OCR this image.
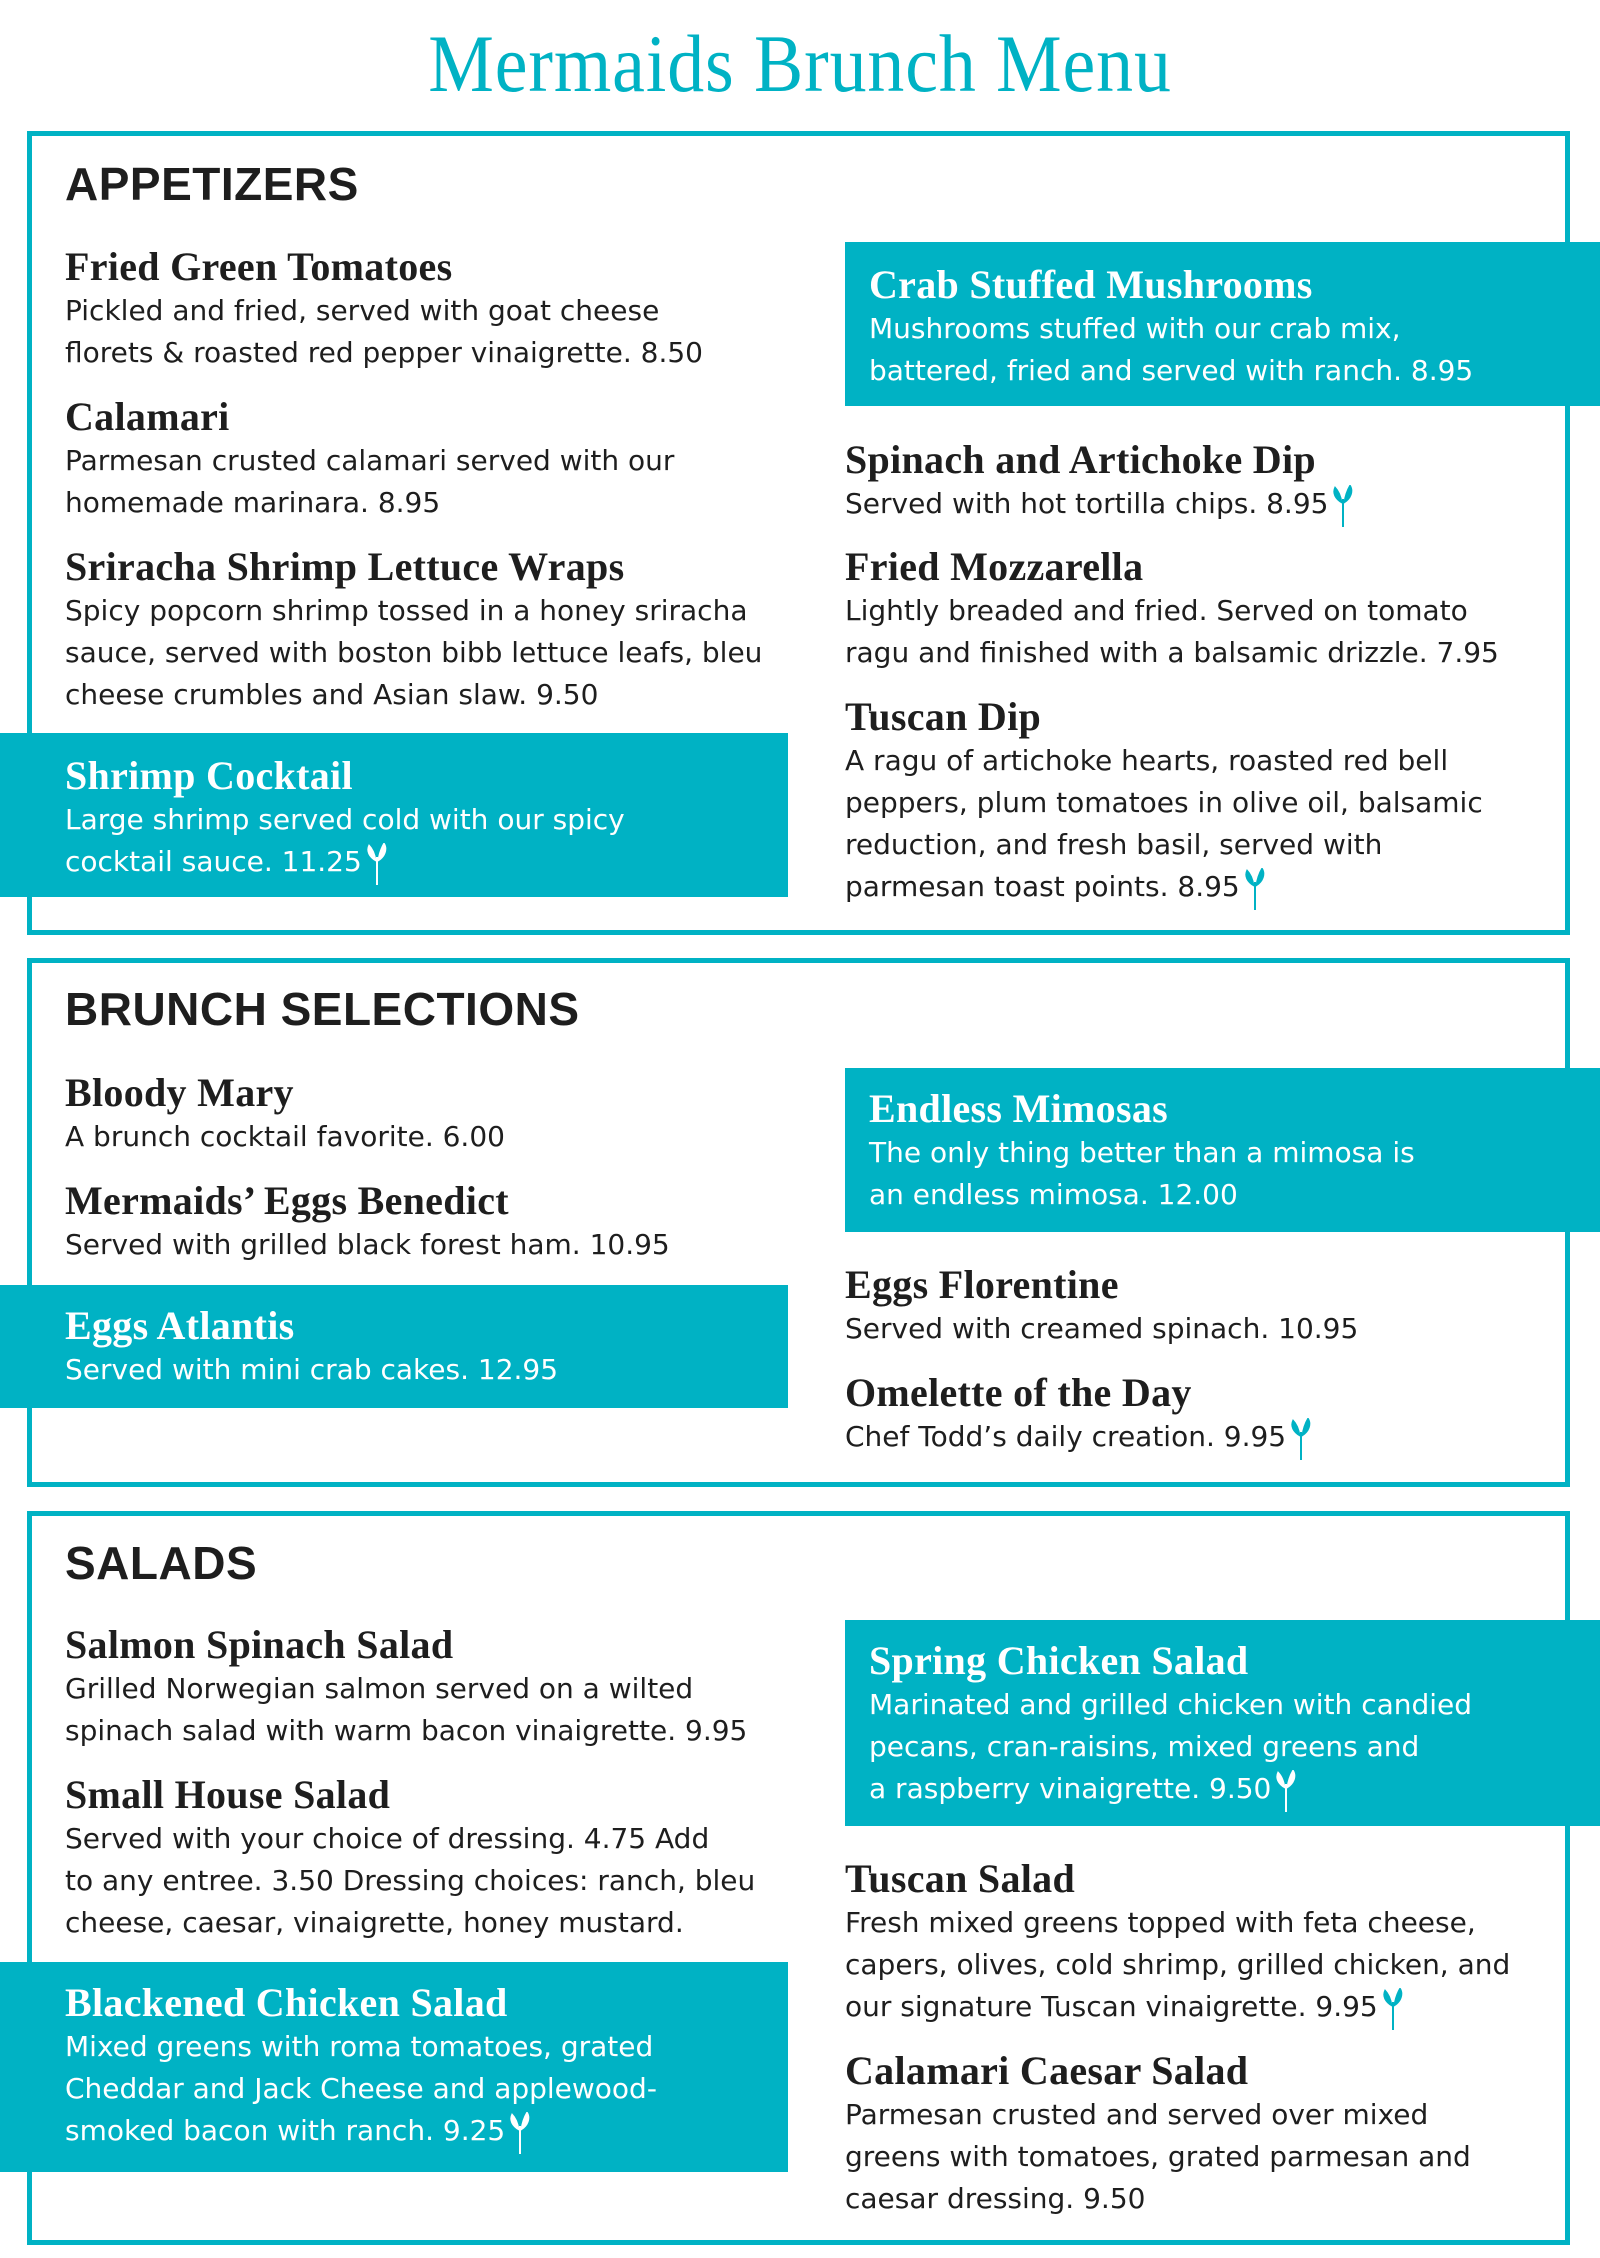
Mermaids Brunch Menu
APPETIZERS
Fried Green Tomatoes
Pickled and fried, served with goat cheese
florets & roasted red pepper vinaigrette. 8.50
Calamari
Parmesan crusted calamari served with our
homemade marinara. 8.95
Sriracha Shrimp Lettuce Wraps
Spicy popcorn shrimp tossed in a honey sriracha
sauce, served with boston bibb lettuce leafs, bleu
cheese crumbles and Asian slaw. 9.50
Shrimp Cocktail
Large shrimp served cold with our spicy
cocktail sauce. 11.25
Crab Stuffed Mushrooms
Mushrooms stuffed with our crab mix,
battered, fried and served with ranch. 8.95
Spinach and Artichoke Dip
Served with hot tortilla chips. 8.95
Fried Mozzarella
Lightly breaded and fried. Served on tomato
ragu and finished with a balsamic drizzle. 7.95
Tuscan Dip
A ragu of artichoke hearts, roasted red bell
peppers, plum tomatoes in olive oil, balsamic
reduction, and fresh basil, served with
parmesan toast points. 8.95
BRUNCH SELECTIONS
Bloody Mary
A brunch cocktail favorite. 6.00
Mermaids’ Eggs Benedict
Served with grilled black forest ham. 10.95
Eggs Atlantis
Served with mini crab cakes. 12.95
Endless Mimosas
The only thing better than a mimosa is
an endless mimosa. 12.00
Eggs Florentine
Served with creamed spinach. 10.95
Omelette of the Day
Chef Todd’s daily creation. 9.95
SALADS
Salmon Spinach Salad
Grilled Norwegian salmon served on a wilted
spinach salad with warm bacon vinaigrette. 9.95
Small House Salad
Served with your choice of dressing. 4.75 Add
to any entree. 3.50 Dressing choices: ranch, bleu
cheese, caesar, vinaigrette, honey mustard.
Blackened Chicken Salad
Mixed greens with roma tomatoes, grated
Cheddar and Jack Cheese and applewood-
smoked bacon with ranch. 9.25
Spring Chicken Salad
Marinated and grilled chicken with candied
pecans, cran-raisins, mixed greens and
a raspberry vinaigrette. 9.50
Tuscan Salad
Fresh mixed greens topped with feta cheese,
capers, olives, cold shrimp, grilled chicken, and
our signature Tuscan vinaigrette. 9.95
Calamari Caesar Salad
Parmesan crusted and served over mixed
greens with tomatoes, grated parmesan and
caesar dressing. 9.50
